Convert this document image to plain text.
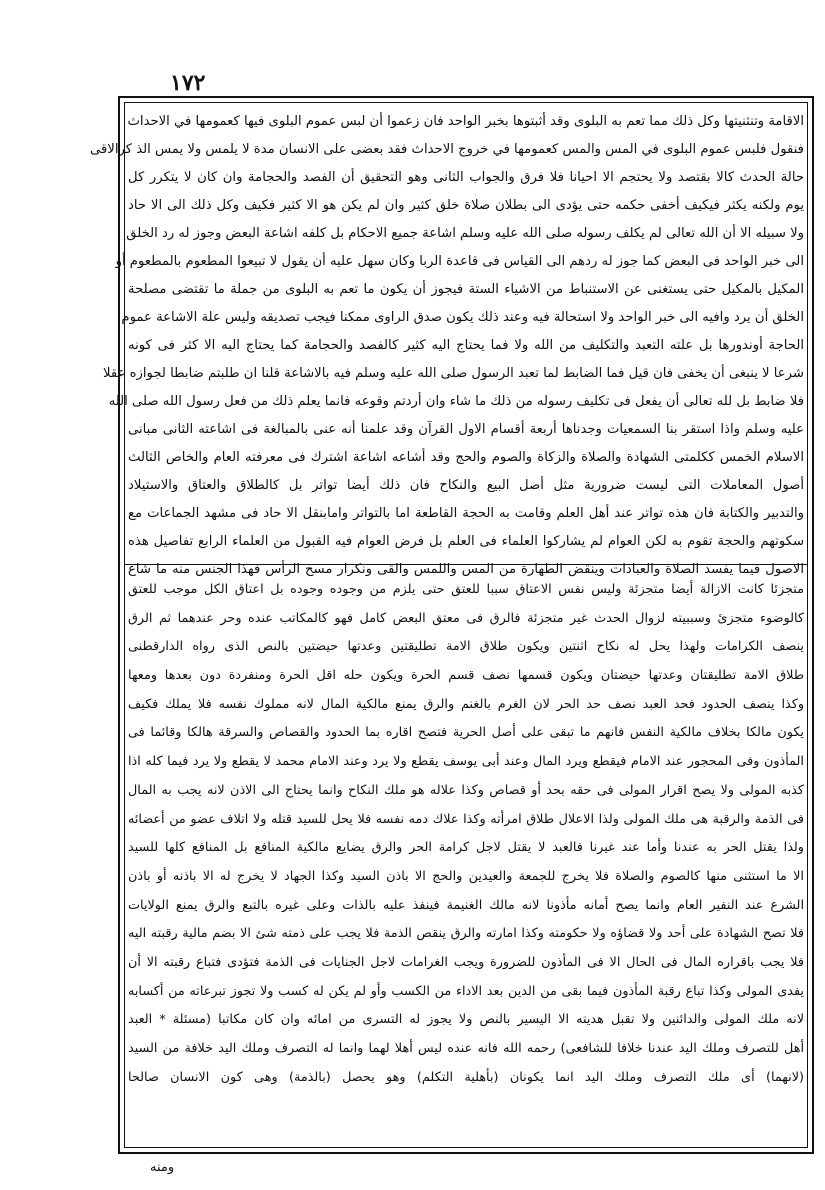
١٧٢
الاقامة وتنثنيتها وكل ذلك مما تعم به البلوى وقد أثبتوها بخبر الواحد فان زعموا أن لبس عموم البلوى فيها كعمومها في الاحداث
فنقول فلبس عموم البلوى في المس والمس كعمومها في خروج الاحداث فقد بعضى على الانسان مدة لا يلمس ولا يمس الذ كرالاقى
حالة الحدث كالا بقتصد ولا يحتجم الا احيانا فلا فرق والجواب الثانى وهو التحقيق أن الفصد والحجامة وان كان لا يتكرر كل
يوم ولكنه يكثر فيكيف أخفى حكمه حتى يؤدى الى بطلان صلاة خلق كثير وان لم يكن هو الا كثير فكيف وكل ذلك الى الا حاد
ولا سبيله الا أن الله تعالى لم يكلف رسوله صلى الله عليه وسلم اشاعة جميع الاحكام بل كلفه اشاعة البعض وجوز له رد الخلق
الى خبر الواحد فى البعض كما جوز له ردهم الى القياس فى قاعدة الربا وكان سهل عليه أن يقول لا تبيعوا المطعوم بالمطعوم أو
المكيل بالمكيل حتى يستغنى عن الاستنباط من الاشياء الستة فيجوز أن يكون ما تعم به البلوى من جملة ما تقتضى مصلحة
الخلق أن يرد وافيه الى خبر الواحد ولا استحالة فيه وعند ذلك يكون صدق الراوى ممكنا فيجب تصديقه وليس علة الاشاعة عموم
الحاجة أوندورها بل علته التعبد والتكليف من الله ولا فما يحتاج اليه كثير كالفصد والحجامة كما يحتاج اليه الا كثر فى كونه
شرعا لا ينبغى أن يخفى فان قيل فما الضابط لما تعبد الرسول صلى الله عليه وسلم فيه بالاشاعة قلنا ان طلبتم ضابطا لجوازه عقلا
فلا ضابط بل لله تعالى أن يفعل فى تكليف رسوله من ذلك ما شاء وان أردتم وقوعه فانما يعلم ذلك من فعل رسول الله صلى الله
عليه وسلم واذا استقر بنا السمعيات وجدناها أربعة أقسام الاول القرآن وقد علمنا أنه عنى بالمبالغة فى اشاعته الثانى مبانى
الاسلام الخمس ككلمتى الشهادة والصلاة والزكاة والصوم والحج وقد أشاعه اشاعة اشترك فى معرفته العام والخاص الثالث
أصول المعاملات التى ليست ضرورية مثل أصل البيع والنكاح فان ذلك أيضا تواتر بل كالطلاق والعتاق والاستيلاد
والتدبير والكتابة فان هذه تواتر عند أهل العلم وقامت به الحجة القاطعة اما بالتواتر وامابنقل الا حاد فى مشهد الجماعات مع
سكوتهم والحجة تقوم به لكن العوام لم يشاركوا العلماء فى العلم بل فرض العوام فيه القبول من العلماء الرابع تفاصيل هذه
الاصول فيما يفسد الصلاة والعبادات وينقض الطهارة من المس واللمس والقى ونكرار مسح الرأس فهذا الجنس منه ما شاع
متجزئا كانت الازالة أيضا متجزئة وليس نفس الاعتاق سببا للعتق حتى يلزم من وجوده وجوده بل اعتاق الكل موجب للعتق
كالوضوء متجزئ وسببيته لزوال الحدث غير متجزئة فالرق فى معتق البعض كامل فهو كالمكاتب عنده وحر عندهما ثم الرق
ينصف الكرامات ولهذا يحل له نكاح اثنتين ويكون طلاق الامة تطليقتين وعدتها حيضتين بالنص الذى رواه الدارقطنى
طلاق الامة تطليقتان وعدتها حيضتان ويكون قسمها نصف قسم الحرة ويكون حله اقل الحرة ومنفردة دون بعدها ومعها
وكذا ينصف الحدود فحد العبد نصف حد الحر لان الغرم بالغنم والرق يمنع مالكية المال لانه مملوك نفسه فلا يملك فكيف
يكون مالكا بخلاف مالكية النفس فانهم ما تبقى على أصل الحرية فتصح اقاره بما الحدود والقصاص والسرقة هالكا وقائما فى
المأذون وفى المحجور عند الامام فيقطع ويرد المال وعند أبى يوسف يقطع ولا يرد وعند الامام محمد لا يقطع ولا يرد فيما كله اذا
كذبه المولى ولا يصح اقرار المولى فى حقه بحد أو قصاص وكذا علاله هو ملك النكاح وانما يحتاج الى الاذن لانه يجب به المال
فى الذمة والرقبة هى ملك المولى ولذا الاعلال طلاق امرأته وكذا علاك دمه نفسه فلا يحل للسيد قتله ولا اتلاف عضو من أعضائه
ولذا يقتل الحر به عندنا وأما عند غيرنا فالعبد لا يقتل لاجل كرامة الحر والرق يضايع مالكية المنافع بل المنافع كلها للسيد
الا ما استثنى منها كالصوم والصلاة فلا يخرج للجمعة والعيدين والحج الا باذن السيد وكذا الجهاد لا يخرج له الا باذنه أو باذن
الشرع عند النفير العام وانما يصح أمانه مأذونا لانه مالك الغنيمة فينفذ عليه بالذات وعلى غيره بالتبع والرق يمنع الولايات
فلا تصح الشهادة على أحد ولا قضاؤه ولا حكومته وكذا امارته والرق ينقص الذمة فلا يجب على ذمته شئ الا بضم مالية رقبته اليه
فلا يجب باقراره المال فى الحال الا فى المأذون للضرورة ويجب الغرامات لاجل الجنايات فى الذمة فتؤدى فتباع رقبته الا أن
يفدى المولى وكذا تباع رقبة المأذون فيما بقى من الدين بعد الاداء من الكسب وأو لم يكن له كسب ولا تجوز تبرعاته من أكسابه
لانه ملك المولى والدائنين ولا تقبل هديته الا اليسير بالنص ولا يجوز له التسرى من امائه وان كان مكاتبا (مسئلة * العبد
أهل للتصرف وملك اليد عندنا خلافا للشافعى) رحمه الله فانه عنده ليس أهلا لهما وانما له التصرف وملك اليد خلافة من السيد
(لانهما) أى ملك التصرف وملك اليد انما يكونان (بأهلية التكلم) وهو يحصل (بالذمة) وهى كون الانسان صالحا
ومنه
